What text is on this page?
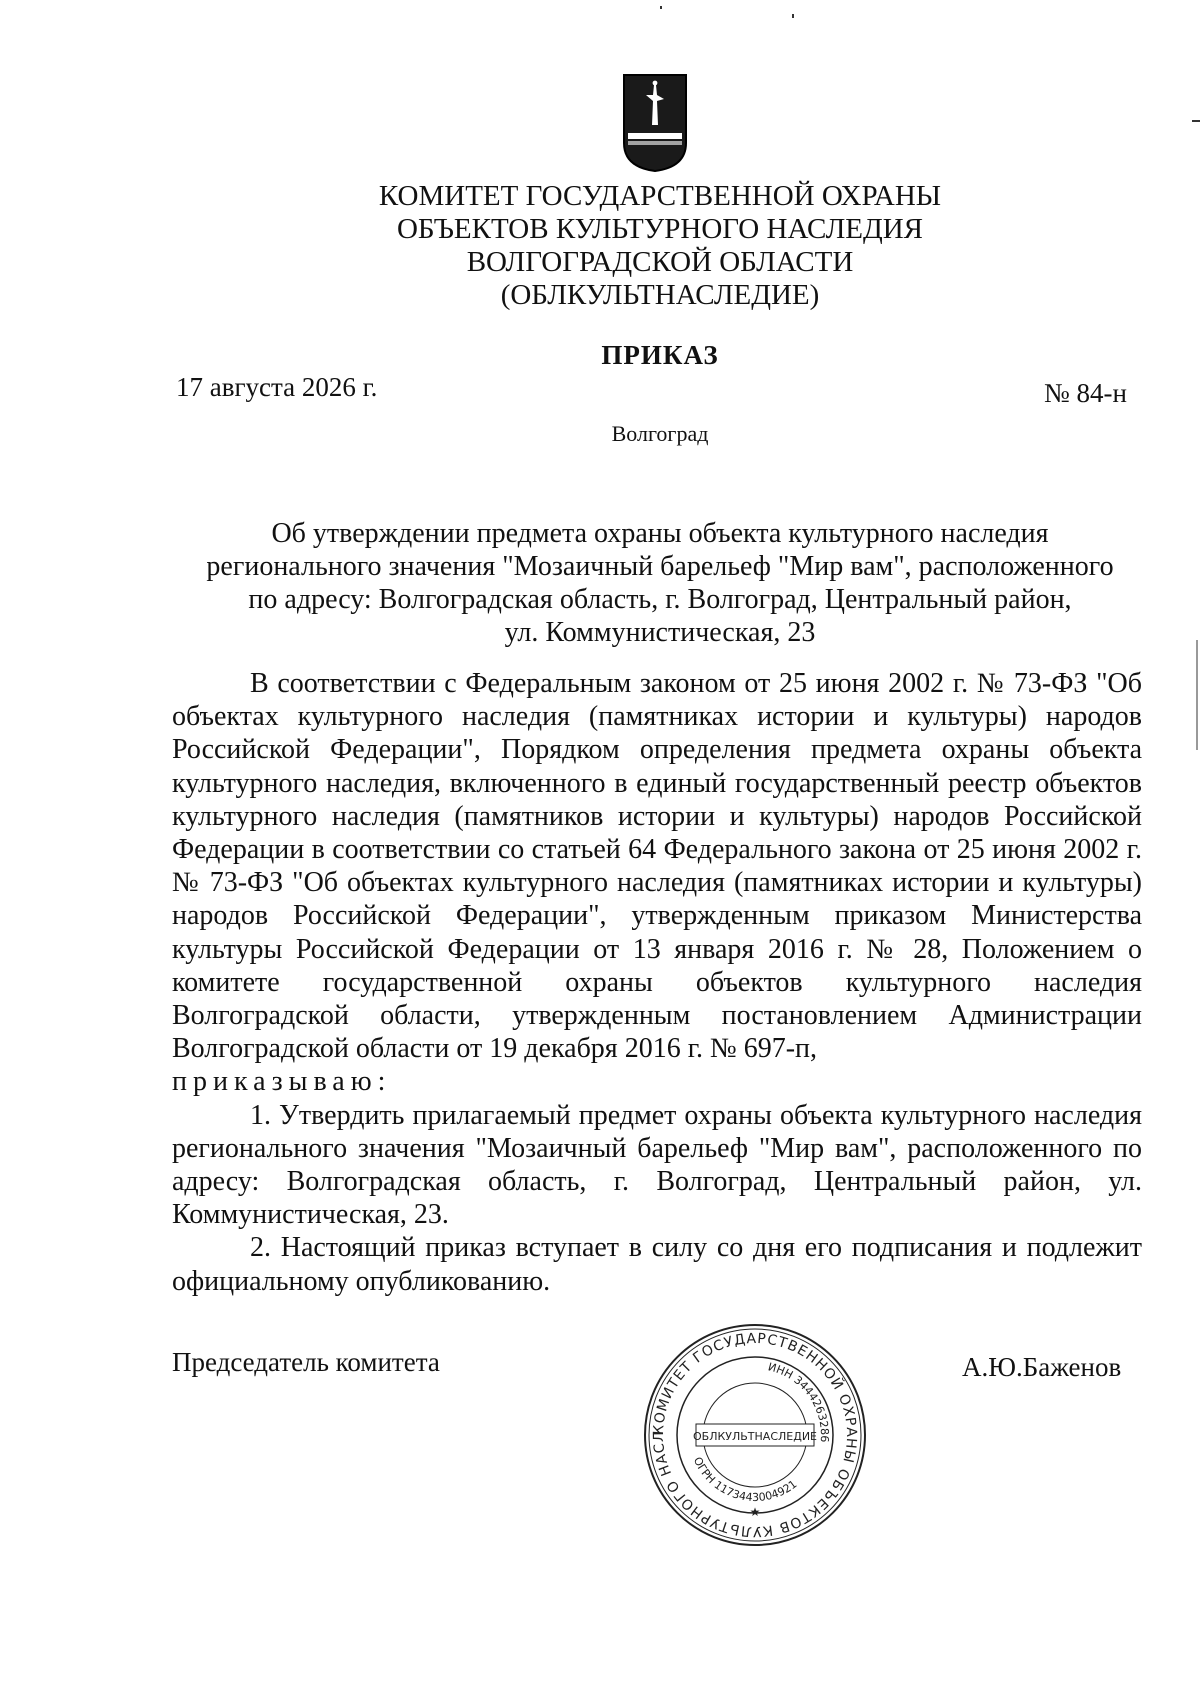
КОМИТЕТ ГОСУДАРСТВЕННОЙ ОХРАНЫ
ОБЪЕКТОВ КУЛЬТУРНОГО НАСЛЕДИЯ
ВОЛГОГРАДСКОЙ ОБЛАСТИ
(ОБЛКУЛЬТНАСЛЕДИЕ)
ПРИКАЗ
17 августа 2026 г.	№ 84-н
Волгоград
Об утверждении предмета охраны объекта культурного наследия
регионального значения "Мозаичный барельеф "Мир вам", расположенного
по адресу: Волгоградская область, г. Волгоград, Центральный район,
ул. Коммунистическая, 23
В соответствии с Федеральным законом от 25 июня 2002 г. № 73-ФЗ "Об объектах культурного наследия (памятниках истории и культуры) народов Российской Федерации", Порядком определения предмета охраны объекта культурного наследия, включенного в единый государственный реестр объектов культурного наследия (памятников истории и культуры) народов Российской Федерации в соответствии со статьей 64 Федерального закона от 25 июня 2002 г. № 73-ФЗ "Об объектах культурного наследия (памятниках истории и культуры) народов Российской Федерации", утвержденным приказом Министерства культуры Российской Федерации от 13 января 2016 г. № 28, Положением о комитете государственной охраны объектов культурного наследия Волгоградской области, утвержденным постановлением Администрации Волгоградской области от 19 декабря 2016 г. № 697-п,
приказываю:
1. Утвердить прилагаемый предмет охраны объекта культурного наследия регионального значения "Мозаичный барельеф "Мир вам", расположенного по адресу: Волгоградская область, г. Волгоград, Центральный район, ул. Коммунистическая, 23.
2. Настоящий приказ вступает в силу со дня его подписания и подлежит официальному опубликованию.
Председатель комитета	А.Ю.Баженов
КОМИТЕТ ГОСУДАРСТВЕННОЙ ОХРАНЫ ОБЪЕКТОВ КУЛЬТУРНОГО НАСЛ
ИНН 3444263286
ОГРН 1173443004921
ОБЛКУЛЬТНАСЛЕДИЕ
★
